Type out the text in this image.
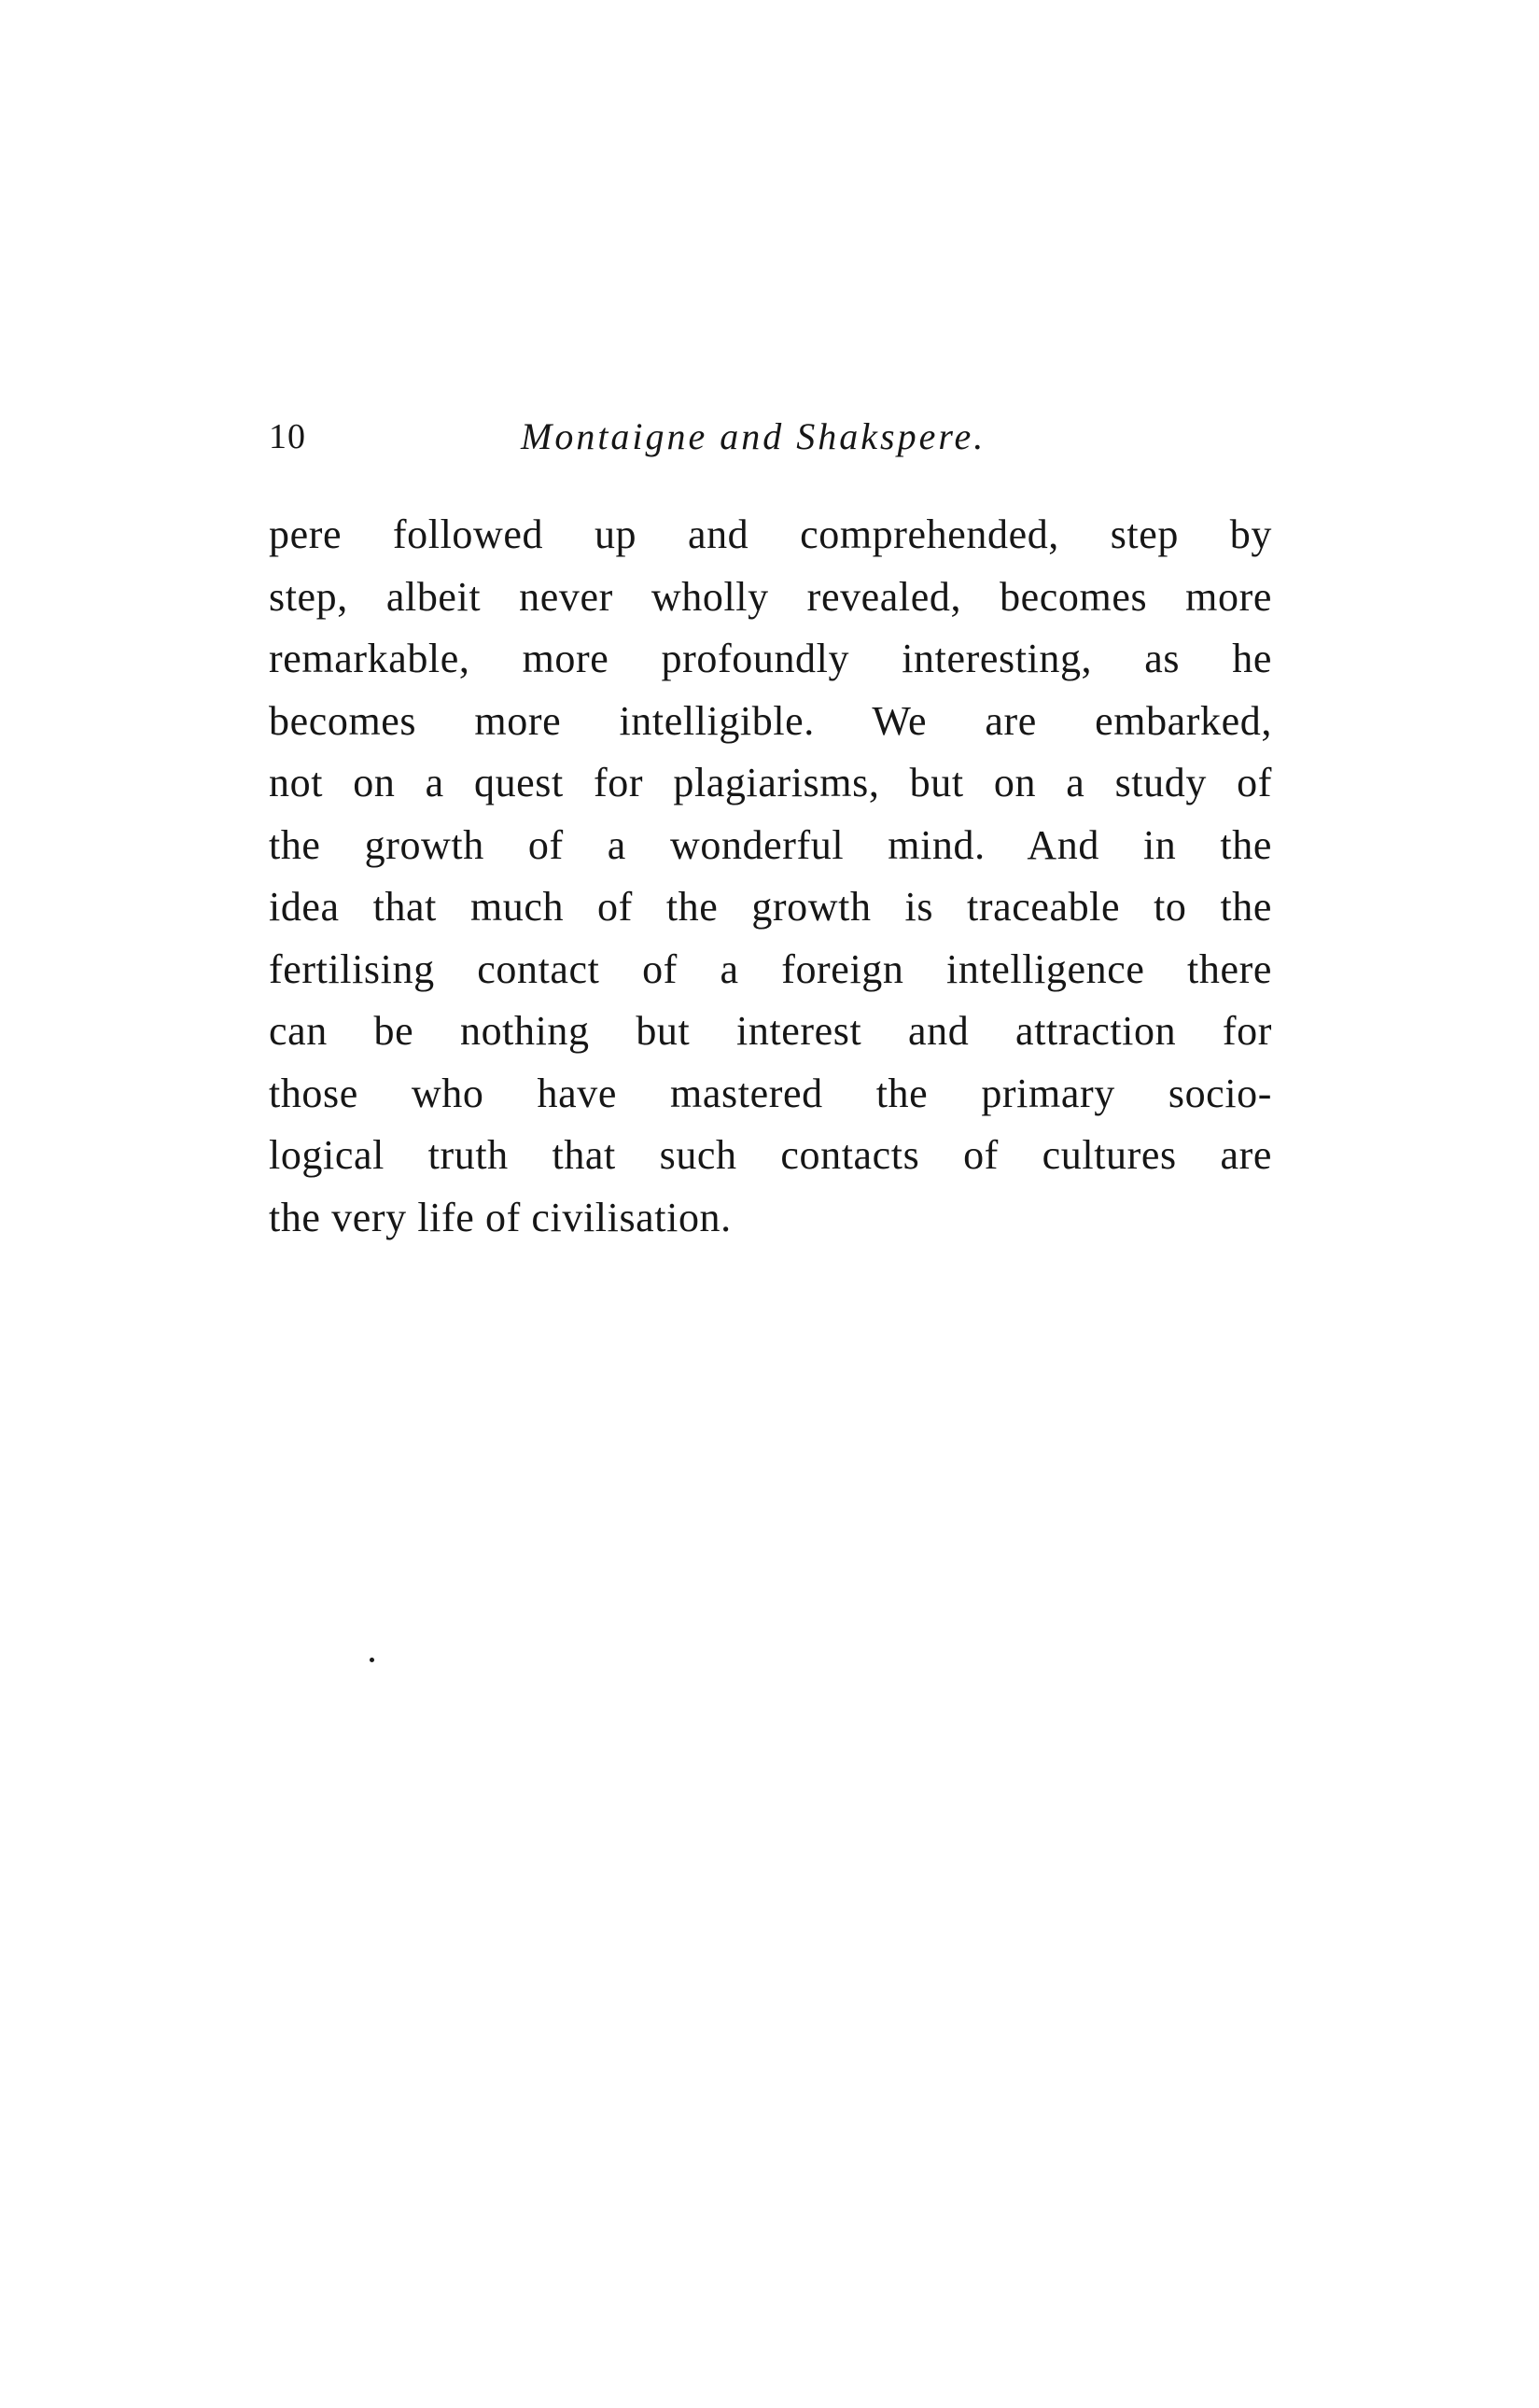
10	Montaigne and Shakspere.
pere followed up and comprehended, step by
step, albeit never wholly revealed, becomes more
remarkable, more profoundly interesting, as he
becomes more intelligible. We are embarked,
not on a quest for plagiarisms, but on a study of
the growth of a wonderful mind. And in the
idea that much of the growth is traceable to the
fertilising contact of a foreign intelligence there
can be nothing but interest and attraction for
those who have mastered the primary socio-
logical truth that such contacts of cultures are
the very life of civilisation.
